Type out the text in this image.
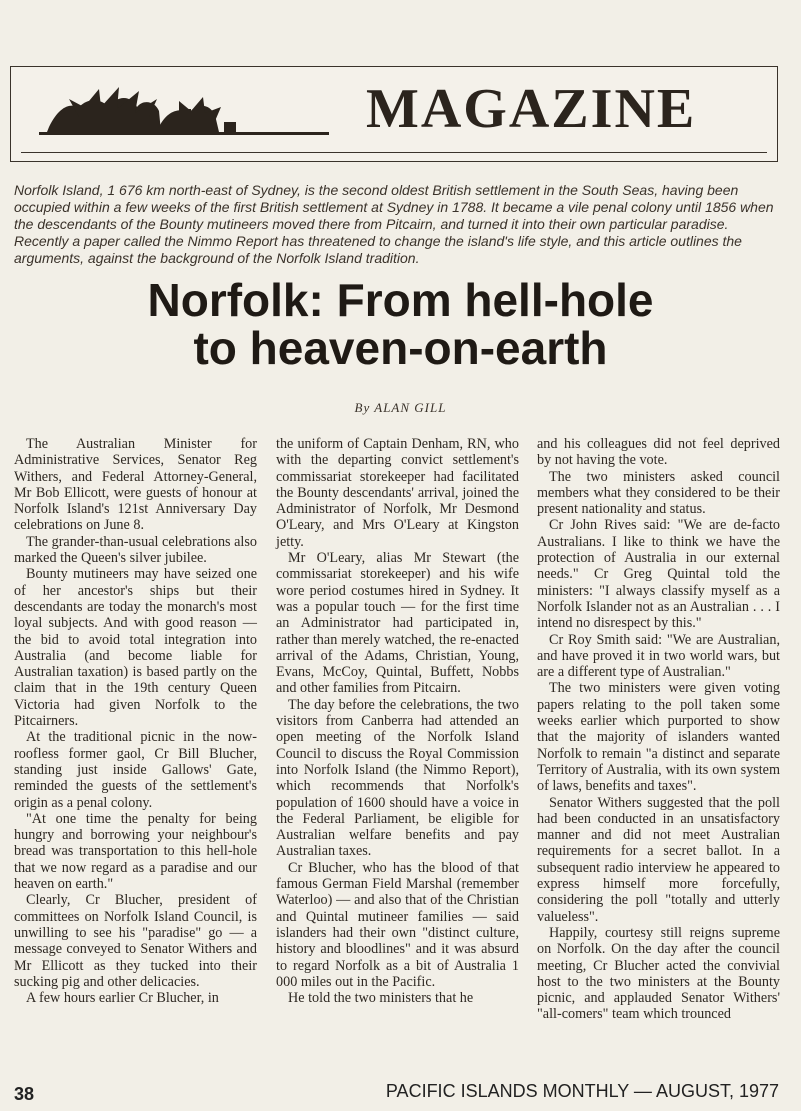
MAGAZINE
Norfolk Island, 1 676 km north-east of Sydney, is the second oldest British settlement in the South Seas, having been occupied within a few weeks of the first British settlement at Sydney in 1788. It became a vile penal colony until 1856 when the descendants of the Bounty mutineers moved there from Pitcairn, and turned it into their own particular paradise. Recently a paper called the Nimmo Report has threatened to change the island's life style, and this article outlines the arguments, against the background of the Norfolk Island tradition.
Norfolk: From hell-hole
to heaven-on-earth
By ALAN GILL

The Australian Minister for Administrative Services, Senator Reg Withers, and Federal Attorney-General, Mr Bob Ellicott, were guests of honour at Norfolk Island's 121st Anniversary Day celebrations on June 8.

The grander-than-usual celebrations also marked the Queen's silver jubilee.

Bounty mutineers may have seized one of her ancestor's ships but their descendants are today the monarch's most loyal subjects. And with good reason — the bid to avoid total integration into Australia (and become liable for Australian taxation) is based partly on the claim that in the 19th century Queen Victoria had given Norfolk to the Pitcairners.

At the traditional picnic in the now-roofless former gaol, Cr Bill Blucher, standing just inside Gallows' Gate, reminded the guests of the settlement's origin as a penal colony.

"At one time the penalty for being hungry and borrowing your neighbour's bread was transportation to this hell-hole that we now regard as a paradise and our heaven on earth."

Clearly, Cr Blucher, president of committees on Norfolk Island Council, is unwilling to see his "paradise" go — a message conveyed to Senator Withers and Mr Ellicott as they tucked into their sucking pig and other delicacies.

A few hours earlier Cr Blucher, in

the uniform of Captain Denham, RN, who with the departing convict settlement's commissariat storekeeper had facilitated the Bounty descendants' arrival, joined the Administrator of Norfolk, Mr Desmond O'Leary, and Mrs O'Leary at Kingston jetty.

Mr O'Leary, alias Mr Stewart (the commissariat storekeeper) and his wife wore period costumes hired in Sydney. It was a popular touch — for the first time an Administrator had participated in, rather than merely watched, the re-enacted arrival of the Adams, Christian, Young, Evans, McCoy, Quintal, Buffett, Nobbs and other families from Pitcairn.

The day before the celebrations, the two visitors from Canberra had attended an open meeting of the Norfolk Island Council to discuss the Royal Commission into Norfolk Island (the Nimmo Report), which recommends that Norfolk's population of 1600 should have a voice in the Federal Parliament, be eligible for Australian welfare benefits and pay Australian taxes.

Cr Blucher, who has the blood of that famous German Field Marshal (remember Waterloo) — and also that of the Christian and Quintal mutineer families — said islanders had their own "distinct culture, history and bloodlines" and it was absurd to regard Norfolk as a bit of Australia 1 000 miles out in the Pacific.

He told the two ministers that he

and his colleagues did not feel deprived by not having the vote.

The two ministers asked council members what they considered to be their present nationality and status.

Cr John Rives said: "We are de-facto Australians. I like to think we have the protection of Australia in our external needs." Cr Greg Quintal told the ministers: "I always classify myself as a Norfolk Islander not as an Australian . . . I intend no disrespect by this."

Cr Roy Smith said: "We are Australian, and have proved it in two world wars, but are a different type of Australian."

The two ministers were given voting papers relating to the poll taken some weeks earlier which purported to show that the majority of islanders wanted Norfolk to remain "a distinct and separate Territory of Australia, with its own system of laws, benefits and taxes".

Senator Withers suggested that the poll had been conducted in an unsatisfactory manner and did not meet Australian requirements for a secret ballot. In a subsequent radio interview he appeared to express himself more forcefully, considering the poll "totally and utterly valueless".

Happily, courtesy still reigns supreme on Norfolk. On the day after the council meeting, Cr Blucher acted the convivial host to the two ministers at the Bounty picnic, and applauded Senator Withers' "all-comers" team which trounced

38	PACIFIC ISLANDS MONTHLY — AUGUST, 1977
